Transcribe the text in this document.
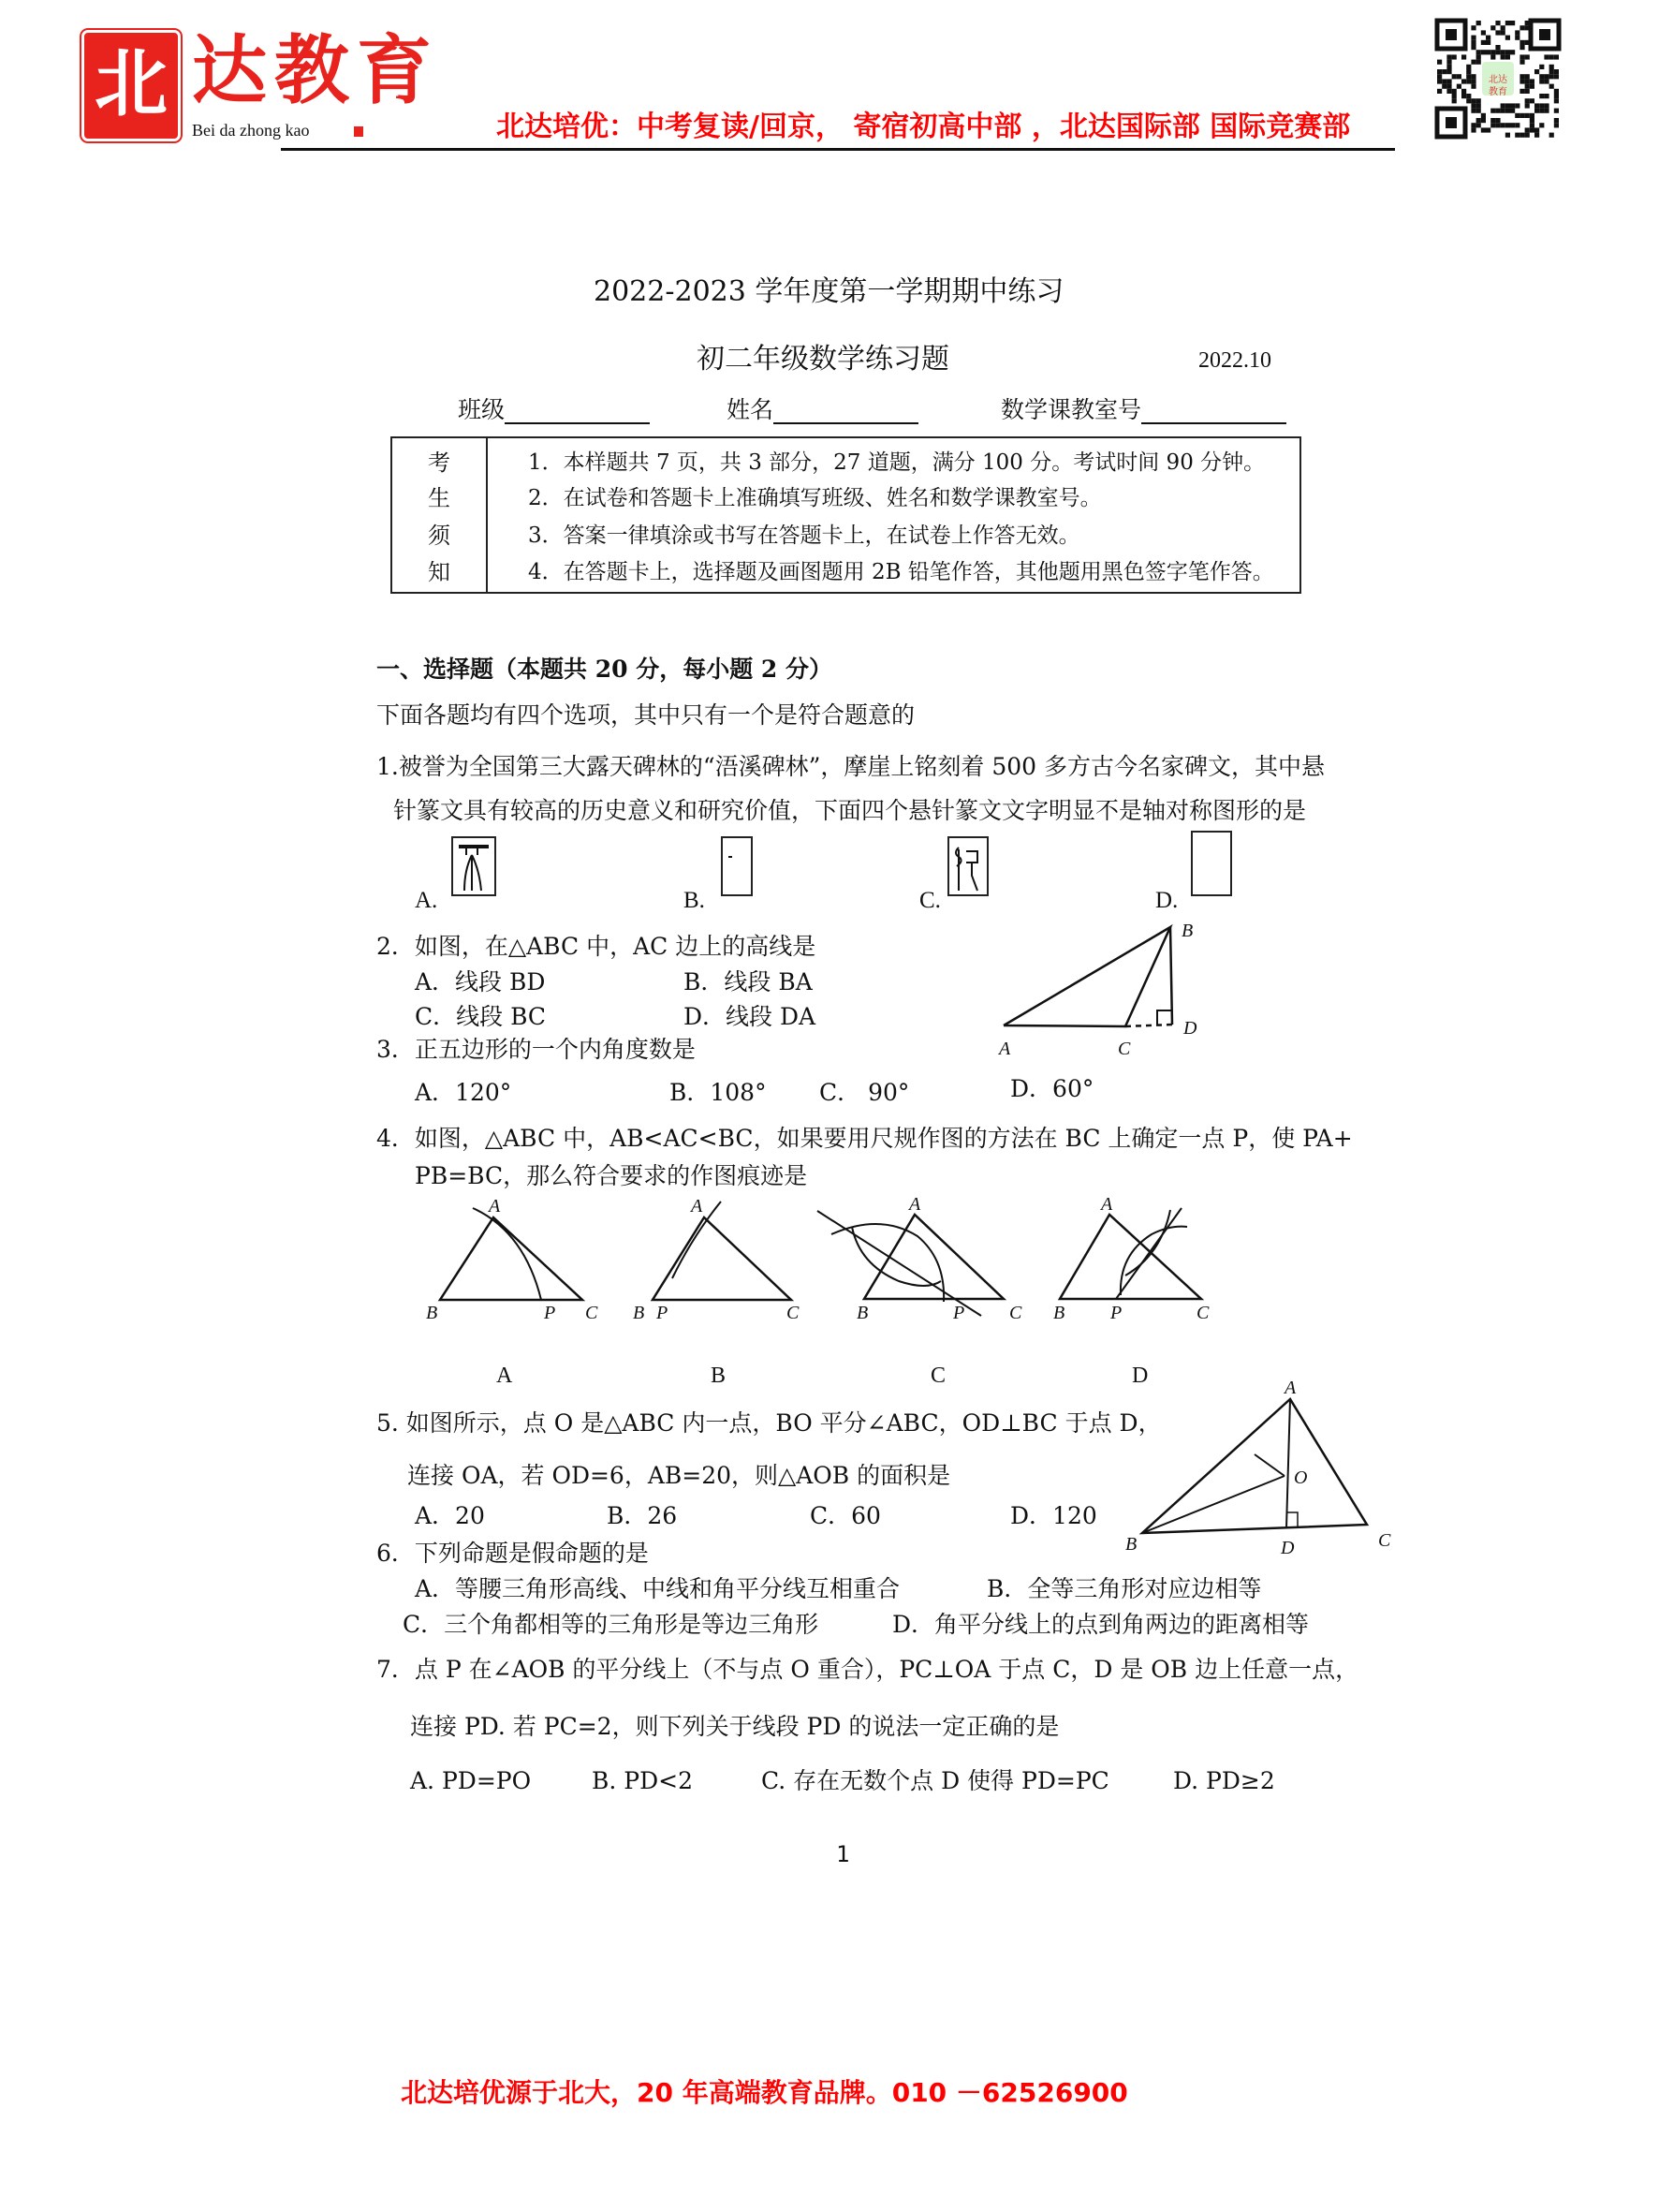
北 达教育
Bei da zhong kao	北达培优：中考复读/回京， 寄宿初高中部 ，北达国际部 国际竞赛部
北达教育
2022-2023 学年度第一学期期中练习
初二年级数学练习题	2022.10
班级	姓名	数学课教室号
考
生
须
知
1．本样题共 7 页，共 3 部分，27 道题，满分 100 分。考试时间 90 分钟。
2．在试卷和答题卡上准确填写班级、姓名和数学课教室号。
3．答案一律填涂或书写在答题卡上，在试卷上作答无效。
4．在答题卡上，选择题及画图题用 2B 铅笔作答，其他题用黑色签字笔作答。
一、选择题（本题共 20 分，每小题 2 分）
下面各题均有四个选项，其中只有一个是符合题意的
1.被誉为全国第三大露天碑林的“浯溪碑林”，摩崖上铭刻着 500 多方古今名家碑文，其中悬
针篆文具有较高的历史意义和研究价值，下面四个悬针篆文文字明显不是轴对称图形的是
A.	B.	C.	D.
2．如图，在△ABC 中，AC 边上的高线是
A．线段 BD	B．线段 BA
C．线段 BC	D．线段 DA
B
D
A	C
3．正五边形的一个内角度数是
A．120°	B．108° C． 90°	D．60°
4．如图，△ABC 中，AB<AC<BC，如果要用尺规作图的方法在 BC 上确定一点 P，使 PA+
PB=BC，那么符合要求的作图痕迹是
A
B	P C
A
B P	C
A
B	P C
A
B P	C
A	B	C	D
5. 如图所示，点 O 是△ABC 内一点，BO 平分∠ABC，OD⊥BC 于点 D，
连接 OA，若 OD=6，AB=20，则△AOB 的面积是
A．20	B．26	C．60	D．120
A
O
B	D	C
6．下列命题是假命题的是
A．等腰三角形高线、中线和角平分线互相重合	B．全等三角形对应边相等
C．三个角都相等的三角形是等边三角形	D．角平分线上的点到角两边的距离相等
7．点 P 在∠AOB 的平分线上（不与点 O 重合），PC⊥OA 于点 C，D 是 OB 边上任意一点，
连接 PD. 若 PC=2，则下列关于线段 PD 的说法一定正确的是
A. PD=PO	B. PD<2	C. 存在无数个点 D 使得 PD=PC	D. PD≥2
1
北达培优源于北大，20 年高端教育品牌。010 －62526900
